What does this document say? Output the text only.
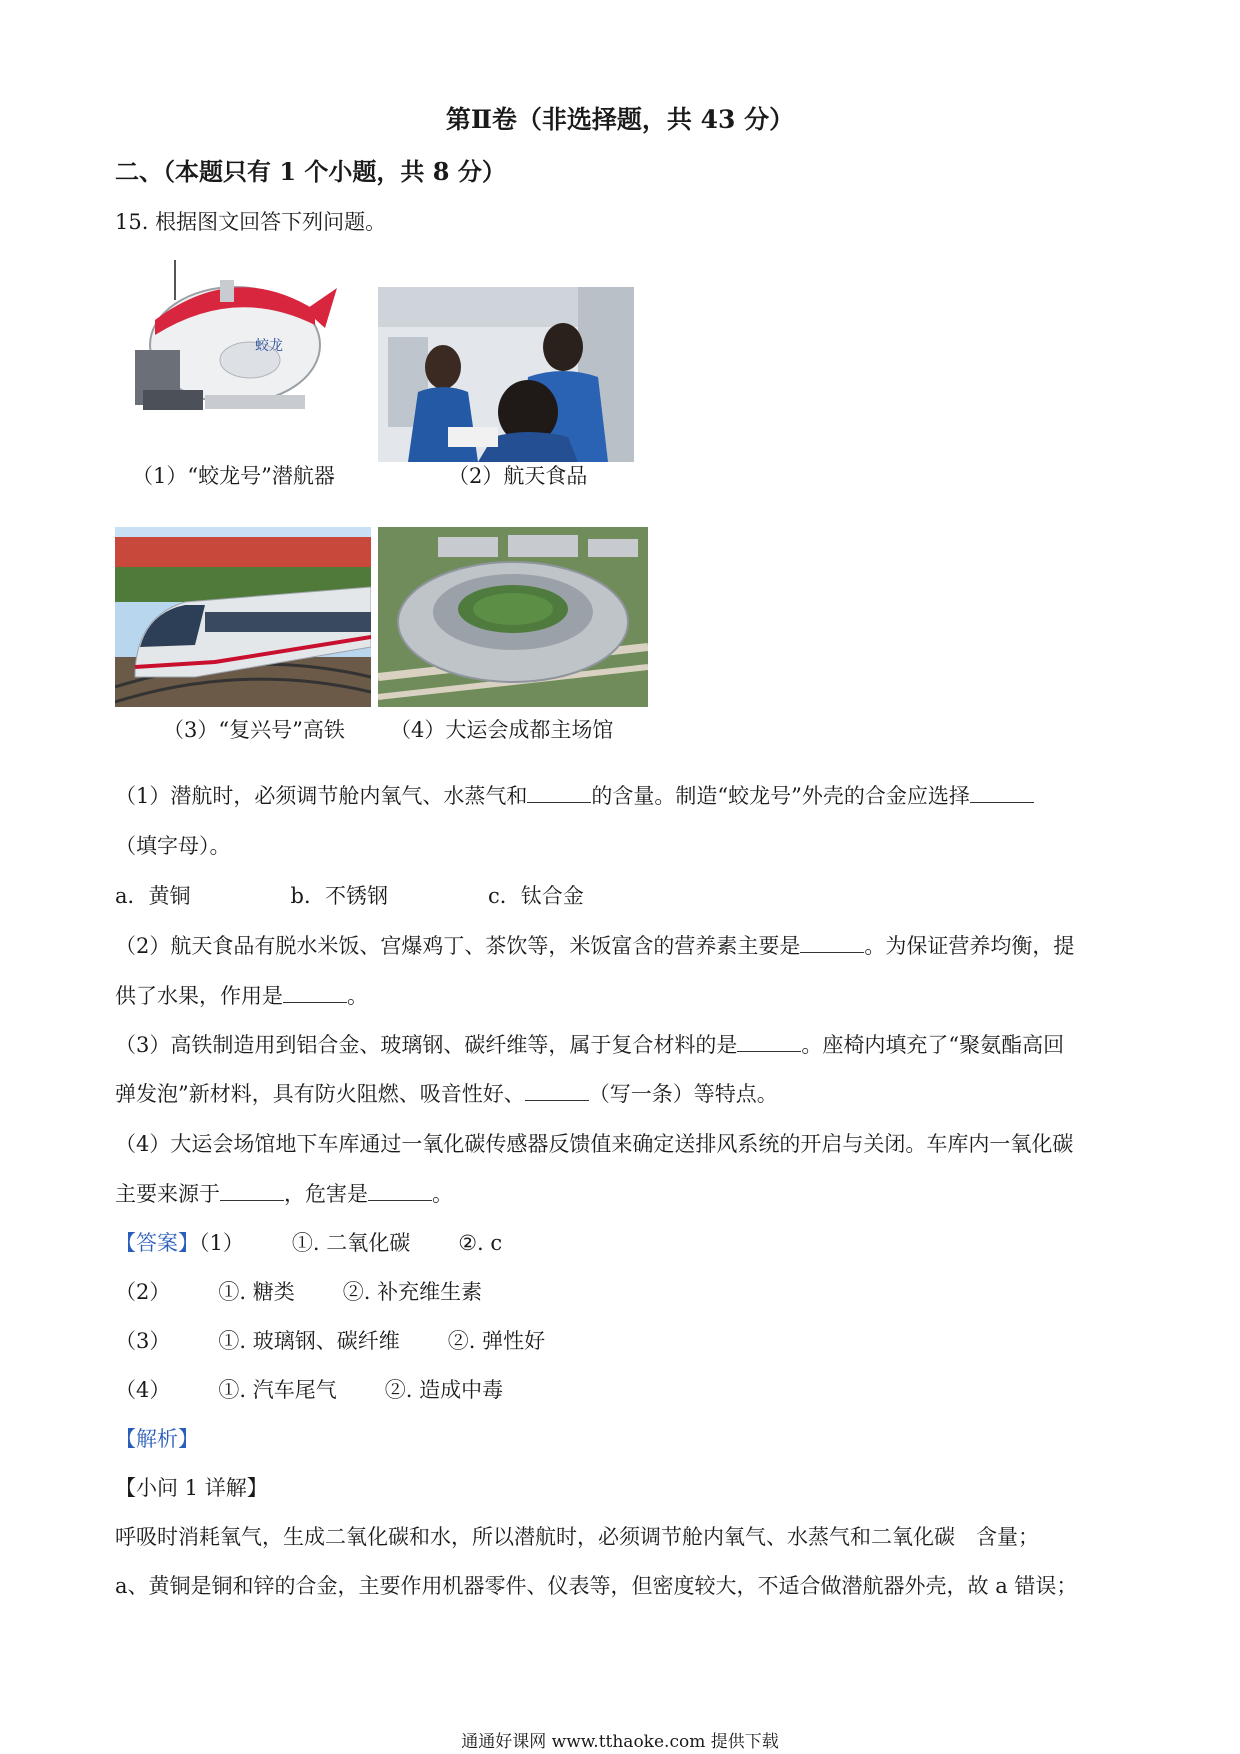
第Ⅱ卷（非选择题，共 43 分）
二、（本题只有 1 个小题，共 8 分）
15. 根据图文回答下列问题。
蛟龙
（1）“蛟龙号”潜航器	（2）航天食品
（3）“复兴号”高铁 （4）大运会成都主场馆
（1）潜航时，必须调节舱内氧气、水蒸气和	的含量。制造“蛟龙号”外壳的合金应选择
（填字母）。
a．黄铜	b．不锈钢	c．钛合金
（2）航天食品有脱水米饭、宫爆鸡丁、茶饮等，米饭富含的营养素主要是	。为保证营养均衡，提
供了水果，作用是	。
（3）高铁制造用到铝合金、玻璃钢、碳纤维等，属于复合材料的是	。座椅内填充了“聚氨酯高回
弹发泡”新材料，具有防火阻燃、吸音性好、	（写一条）等特点。
（4）大运会场馆地下车库通过一氧化碳传感器反馈值来确定送排风系统的开启与关闭。车库内一氧化碳
主要来源于	，危害是	。
【答案】（1） ①. 二氧化碳 ②. c
（2） ①. 糖类 ②. 补充维生素
（3） ①. 玻璃钢、碳纤维 ②. 弹性好
（4） ①. 汽车尾气 ②. 造成中毒
【解析】
【小问 1 详解】
呼吸时消耗氧气，生成二氧化碳和水，所以潜航时，必须调节舱内氧气、水蒸气和二氧化碳　含量；
a、黄铜是铜和锌的合金，主要作用机器零件、仪表等，但密度较大，不适合做潜航器外壳，故 a 错误；
通通好课网 www.tthaoke.com 提供下载
